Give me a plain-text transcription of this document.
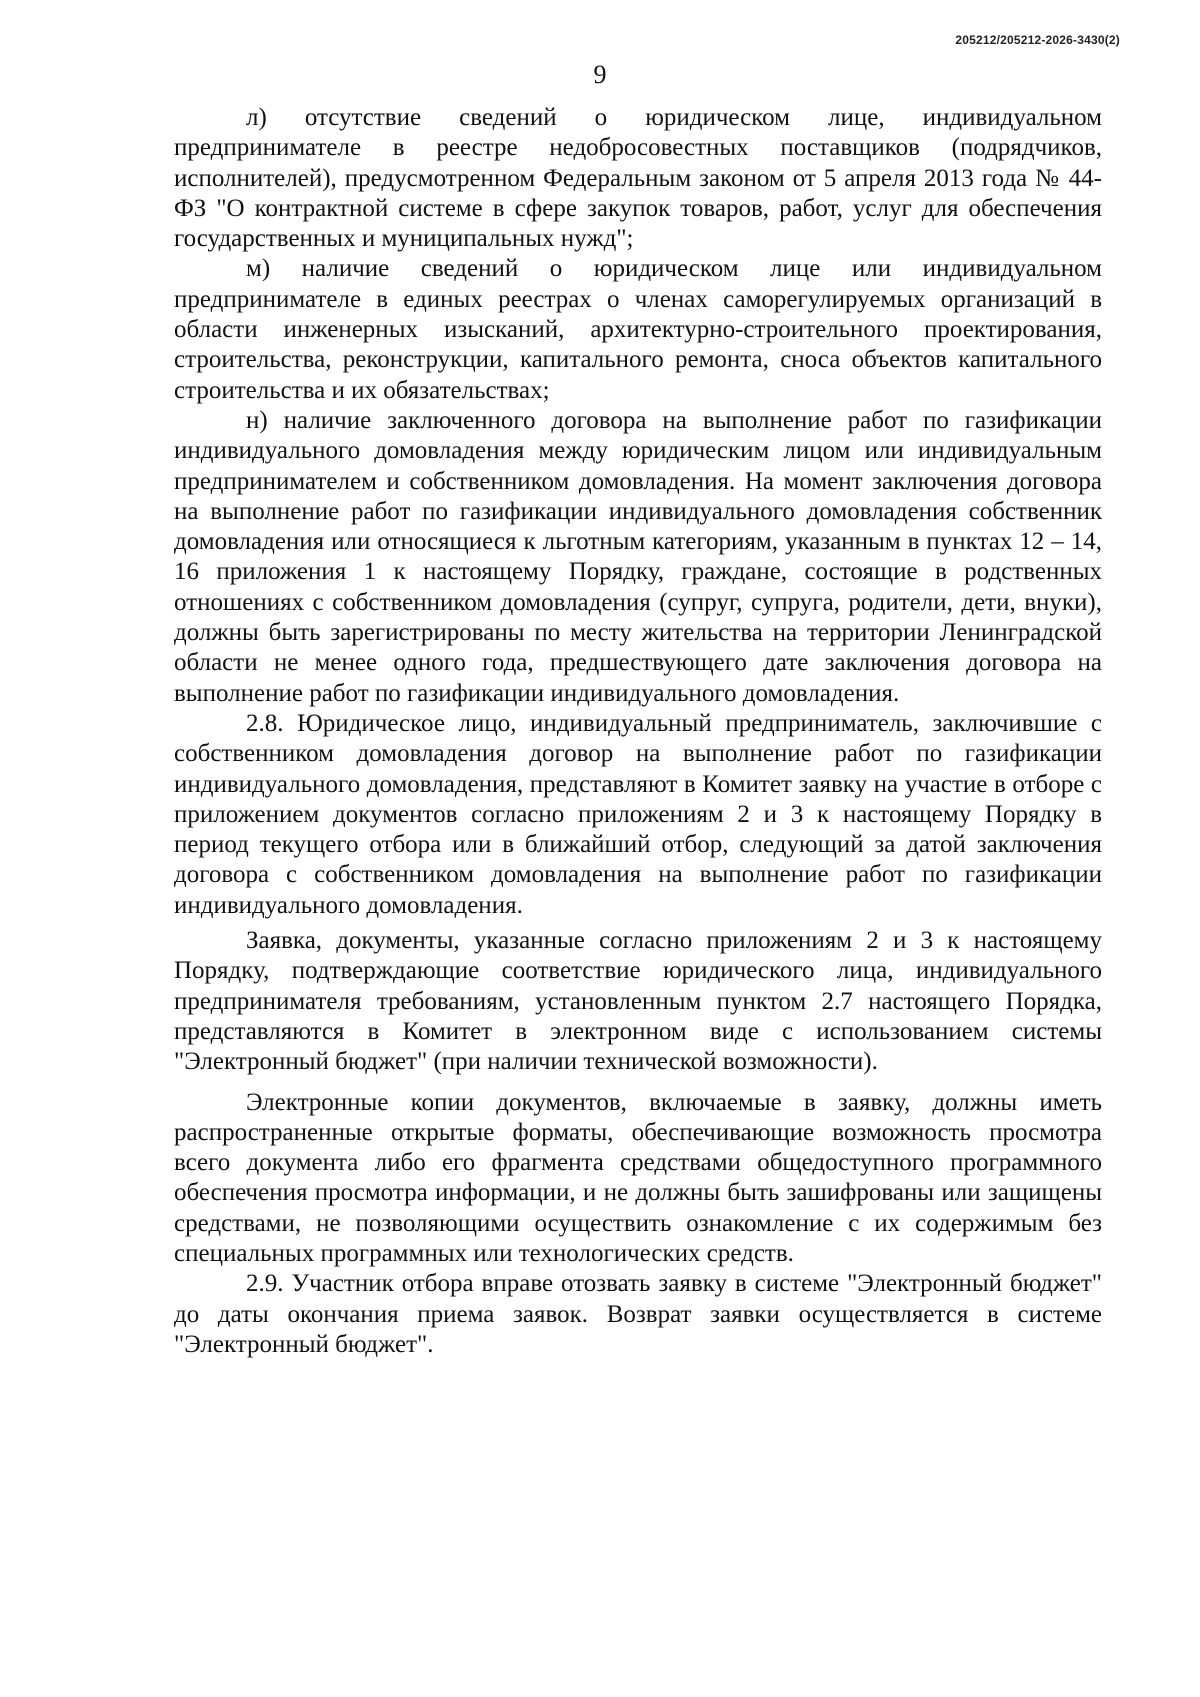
205212/205212-2026-3430(2)
9

л) отсутствие сведений о юридическом лице, индивидуальном предпринимателе в реестре недобросовестных поставщиков (подрядчиков, исполнителей), предусмотренном Федеральным законом от 5 апреля 2013 года № 44-ФЗ "О контрактной системе в сфере закупок товаров, работ, услуг для обеспечения государственных и муниципальных нужд";

м) наличие сведений о юридическом лице или индивидуальном предпринимателе в единых реестрах о членах саморегулируемых организаций в области инженерных изысканий, архитектурно-строительного проектирования, строительства, реконструкции, капитального ремонта, сноса объектов капитального строительства и их обязательствах;

н) наличие заключенного договора на выполнение работ по газификации индивидуального домовладения между юридическим лицом или индивидуальным предпринимателем и собственником домовладения. На момент заключения договора на выполнение работ по газификации индивидуального домовладения собственник домовладения или относящиеся к льготным категориям, указанным в пунктах 12 – 14, 16 приложения 1 к настоящему Порядку, граждане, состоящие в родственных отношениях с собственником домовладения (супруг, супруга, родители, дети, внуки), должны быть зарегистрированы по месту жительства на территории Ленинградской области не менее одного года, предшествующего дате заключения договора на выполнение работ по газификации индивидуального домовладения.

2.8. Юридическое лицо, индивидуальный предприниматель, заключившие с собственником домовладения договор на выполнение работ по газификации индивидуального домовладения, представляют в Комитет заявку на участие в отборе с приложением документов согласно приложениям 2 и 3 к настоящему Порядку в период текущего отбора или в ближайший отбор, следующий за датой заключения договора с собственником домовладения на выполнение работ по газификации индивидуального домовладения.

Заявка, документы, указанные согласно приложениям 2 и 3 к настоящему Порядку, подтверждающие соответствие юридического лица, индивидуального предпринимателя требованиям, установленным пунктом 2.7 настоящего Порядка, представляются в Комитет в электронном виде с использованием системы "Электронный бюджет" (при наличии технической возможности).

Электронные копии документов, включаемые в заявку, должны иметь распространенные открытые форматы, обеспечивающие возможность просмотра всего документа либо его фрагмента средствами общедоступного программного обеспечения просмотра информации, и не должны быть зашифрованы или защищены средствами, не позволяющими осуществить ознакомление с их содержимым без специальных программных или технологических средств.

2.9. Участник отбора вправе отозвать заявку в системе "Электронный бюджет" до даты окончания приема заявок. Возврат заявки осуществляется в системе "Электронный бюджет".
